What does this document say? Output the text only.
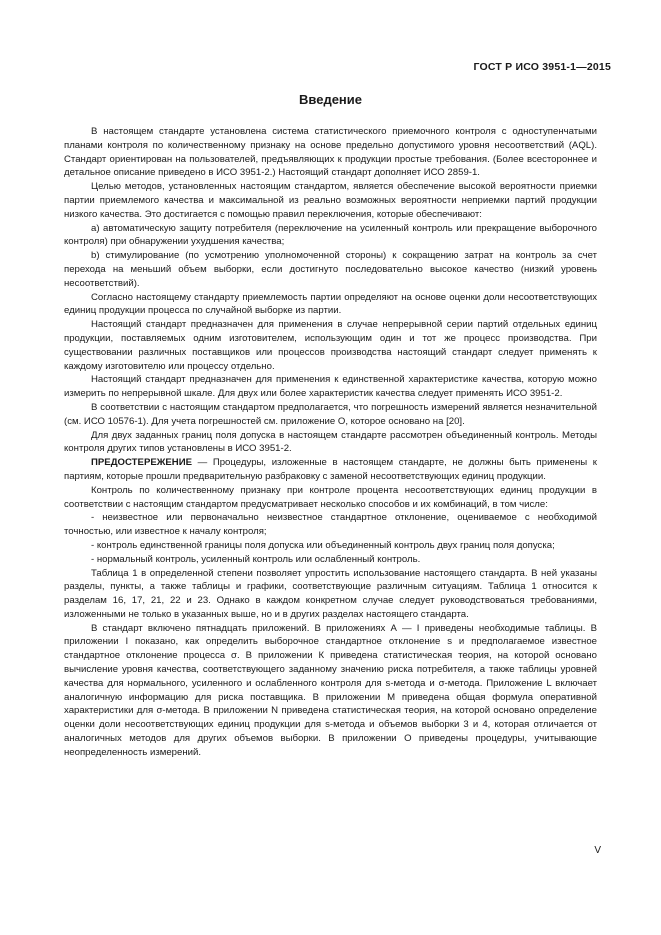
ГОСТ Р ИСО 3951-1—2015
Введение

В настоящем стандарте установлена система статистического приемочного контроля с одноступенчатыми планами контроля по количественному признаку на основе предельно допустимого уровня несоответствий (AQL). Стандарт ориентирован на пользователей, предъявляющих к продукции простые требования. (Более всестороннее и детальное описание приведено в ИСО 3951-2.) Настоящий стандарт дополняет ИСО 2859-1.

Целью методов, установленных настоящим стандартом, является обеспечение высокой вероятности приемки партии приемлемого качества и максимальной из реально возможных вероятности неприемки партий продукции низкого качества. Это достигается с помощью правил переключения, которые обеспечивают:

a) автоматическую защиту потребителя (переключение на усиленный контроль или прекращение выборочного контроля) при обнаружении ухудшения качества;

b) стимулирование (по усмотрению уполномоченной стороны) к сокращению затрат на контроль за счет перехода на меньший объем выборки, если достигнуто последовательно высокое качество (низкий уровень несоответствий).

Согласно настоящему стандарту приемлемость партии определяют на основе оценки доли несоответствующих единиц продукции процесса по случайной выборке из партии.

Настоящий стандарт предназначен для применения в случае непрерывной серии партий отдельных единиц продукции, поставляемых одним изготовителем, использующим один и тот же процесс производства. При существовании различных поставщиков или процессов производства настоящий стандарт следует применять к каждому изготовителю или процессу отдельно.

Настоящий стандарт предназначен для применения к единственной характеристике качества, которую можно измерить по непрерывной шкале. Для двух или более характеристик качества следует применять ИСО 3951-2.

В соответствии с настоящим стандартом предполагается, что погрешность измерений является незначительной (см. ИСО 10576-1). Для учета погрешностей см. приложение О, которое основано на [20].

Для двух заданных границ поля допуска в настоящем стандарте рассмотрен объединенный контроль. Методы контроля других типов установлены в ИСО 3951-2.

ПРЕДОСТЕРЕЖЕНИЕ — Процедуры, изложенные в настоящем стандарте, не должны быть применены к партиям, которые прошли предварительную разбраковку с заменой несоответствующих единиц продукции.

Контроль по количественному признаку при контроле процента несоответствующих единиц продукции в соответствии с настоящим стандартом предусматривает несколько способов и их комбинаций, в том числе:

- неизвестное или первоначально неизвестное стандартное отклонение, оцениваемое с необходимой точностью, или известное к началу контроля;

- контроль единственной границы поля допуска или объединенный контроль двух границ поля допуска;

- нормальный контроль, усиленный контроль или ослабленный контроль.

Таблица 1 в определенной степени позволяет упростить использование настоящего стандарта. В ней указаны разделы, пункты, а также таблицы и графики, соответствующие различным ситуациям. Таблица 1 относится к разделам 16, 17, 21, 22 и 23. Однако в каждом конкретном случае следует руководствоваться требованиями, изложенными не только в указанных выше, но и в других разделах настоящего стандарта.

В стандарт включено пятнадцать приложений. В приложениях А — I приведены необходимые таблицы. В приложении I показано, как определить выборочное стандартное отклонение s и предполагаемое известное стандартное отклонение процесса σ. В приложении К приведена статистическая теория, на которой основано вычисление уровня качества, соответствующего заданному значению риска потребителя, а также таблицы уровней качества для нормального, усиленного и ослабленного контроля для s-метода и σ-метода. Приложение L включает аналогичную информацию для риска поставщика. В приложении М приведена общая формула оперативной характеристики для σ-метода. В приложении N приведена статистическая теория, на которой основано определение оценки доли несоответствующих единиц продукции для s-метода и объемов выборки 3 и 4, которая отличается от аналогичных методов для других объемов выборки. В приложении О приведены процедуры, учитывающие неопределенность измерений.

V
